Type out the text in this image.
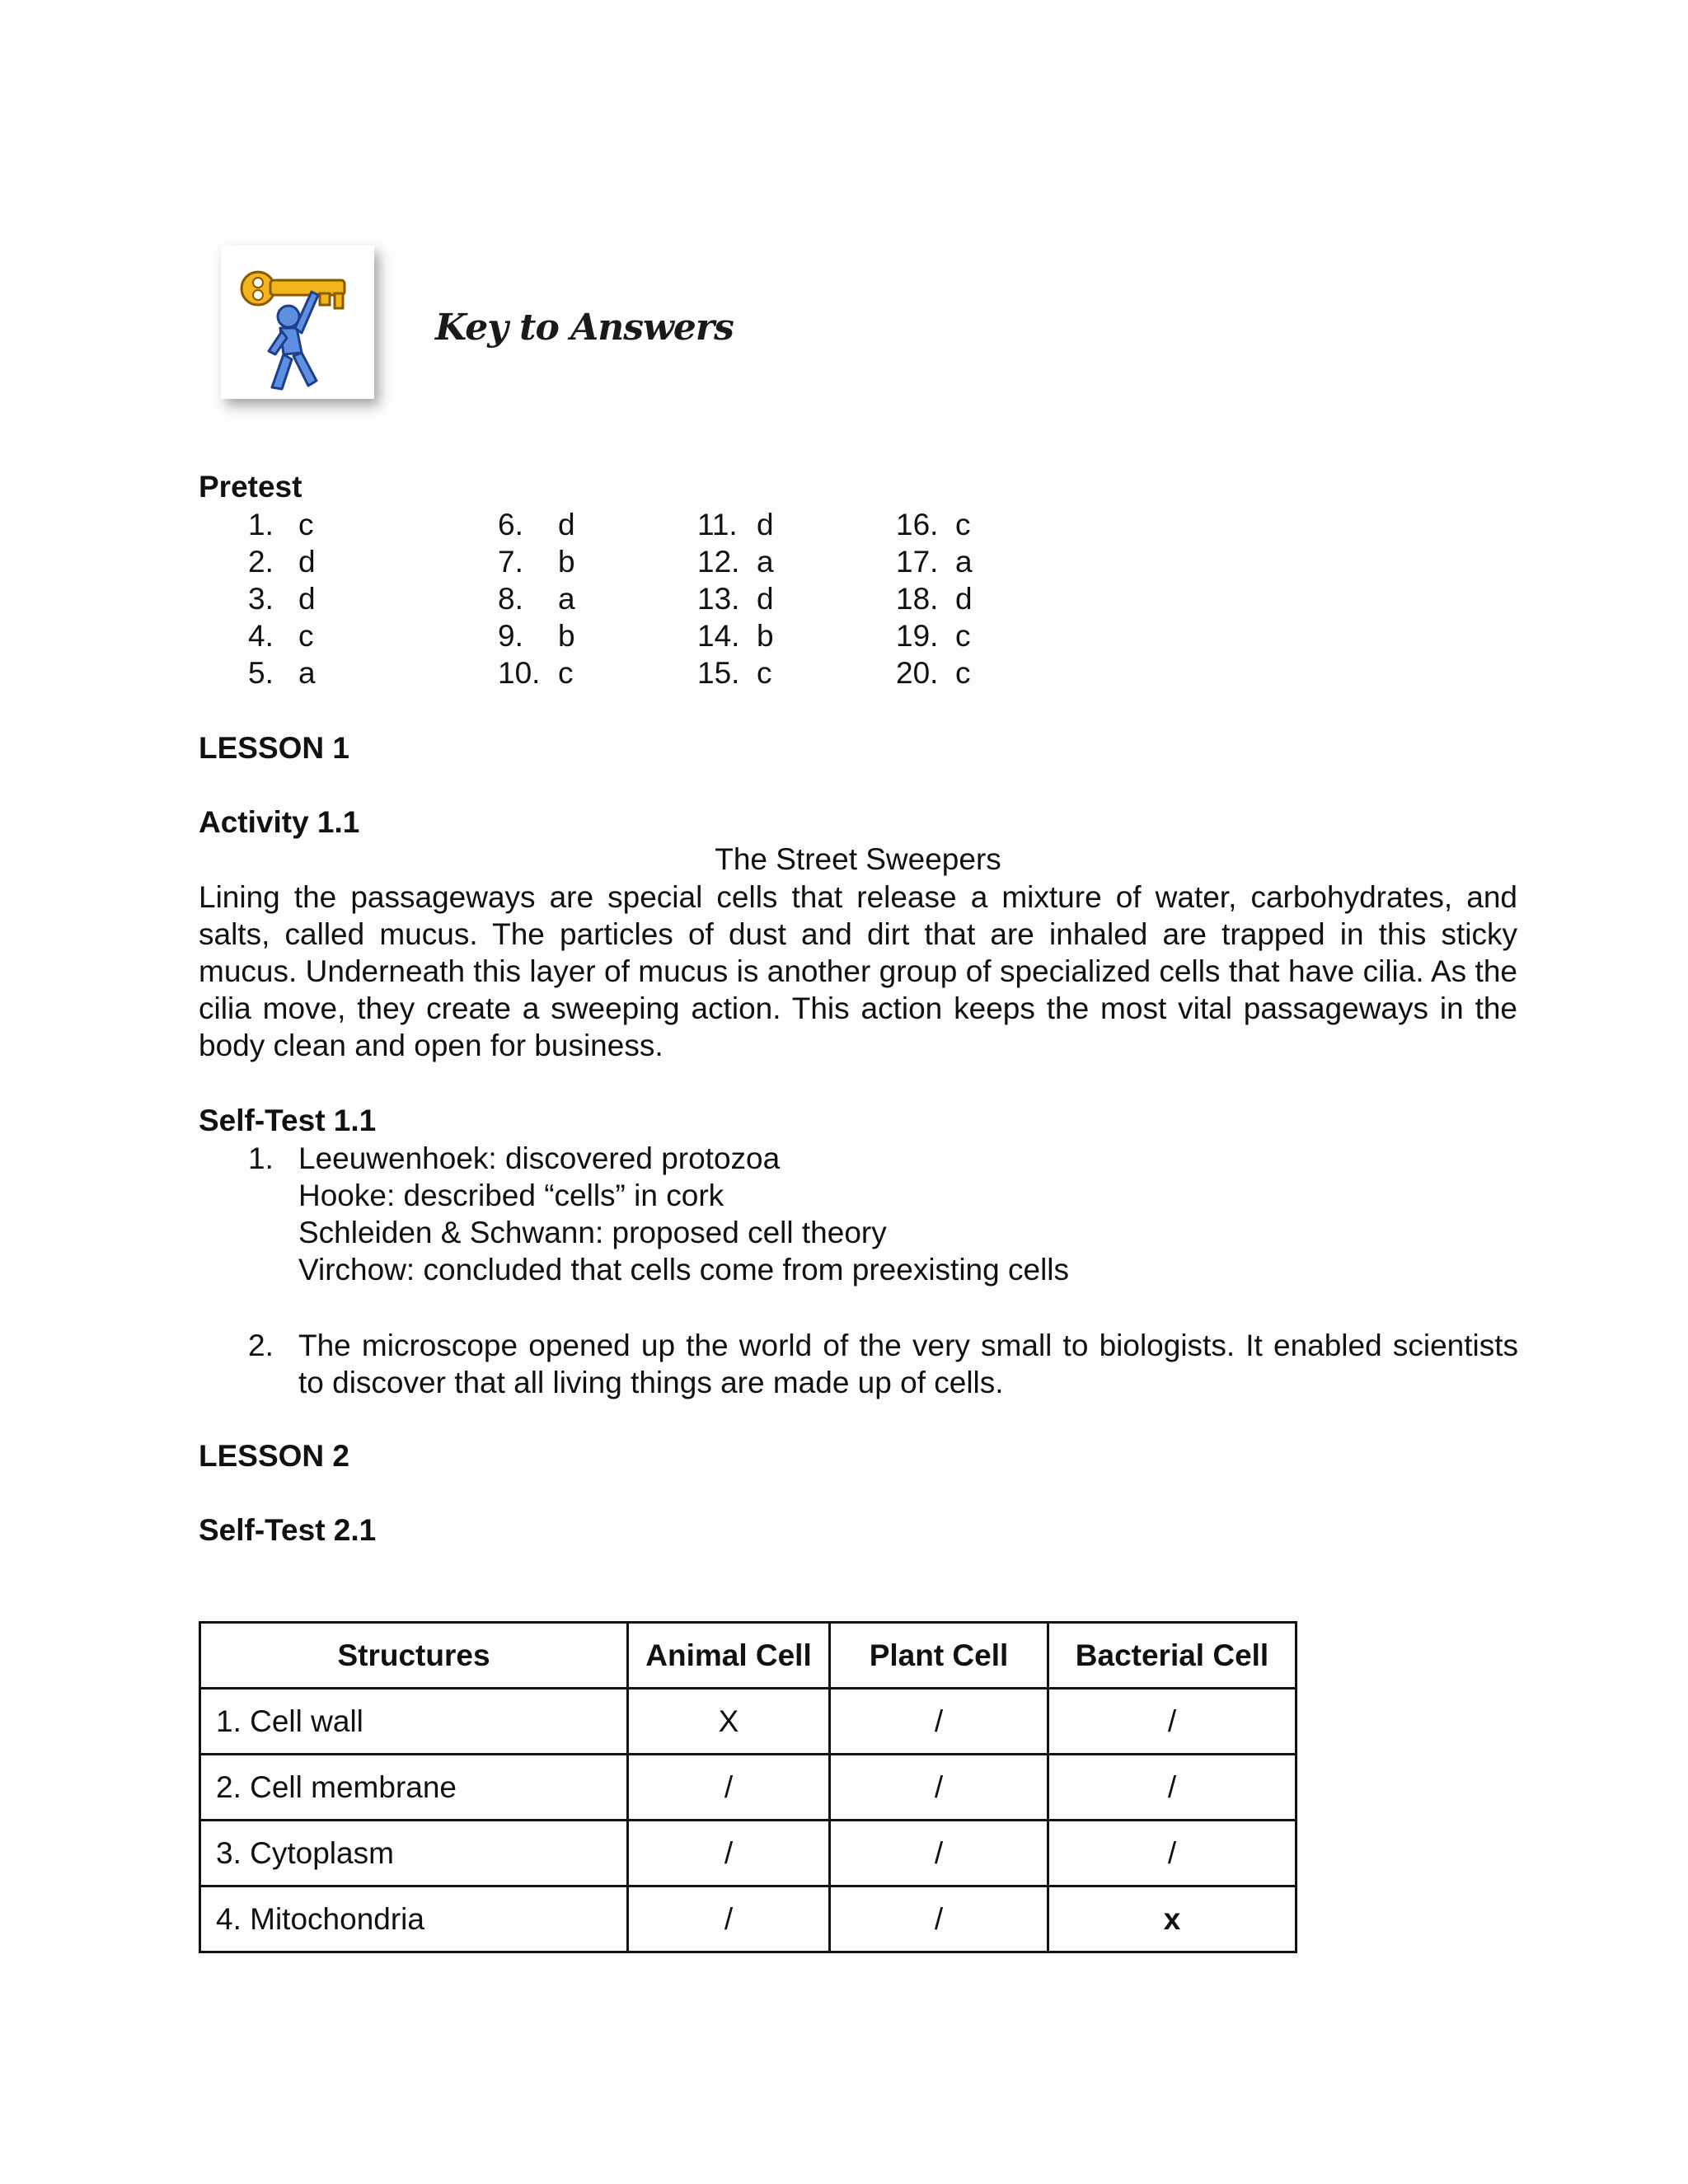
Key to Answers
Pretest
1. c
2. d
3. d
4. c
5. a
6. d
7. b
8. a
9. b
10. c
11. d
12. a
13. d
14. b
15. c
16. c
17. a
18. d
19. c
20. c
LESSON 1
Activity 1.1
The Street Sweepers
Lining the passageways are special cells that release a mixture of water, carbohydrates, and salts, called mucus. The particles of dust and dirt that are inhaled are trapped in this sticky mucus. Underneath this layer of mucus is another group of specialized cells that have cilia. As the cilia move, they create a sweeping action. This action keeps the most vital passageways in the body clean and open for business.
Self-Test 1.1
1. Leeuwenhoek: discovered protozoa
Hooke: described “cells” in cork
Schleiden & Schwann: proposed cell theory
Virchow: concluded that cells come from preexisting cells
2. The microscope opened up the world of the very small to biologists. It enabled scientists to discover that all living things are made up of cells.
LESSON 2
Self-Test 2.1
Structures	Animal Cell	Plant Cell	Bacterial Cell
1. Cell wall	X	/	/
2. Cell membrane	/	/	/
3. Cytoplasm	/	/	/
4. Mitochondria	/	/	x
